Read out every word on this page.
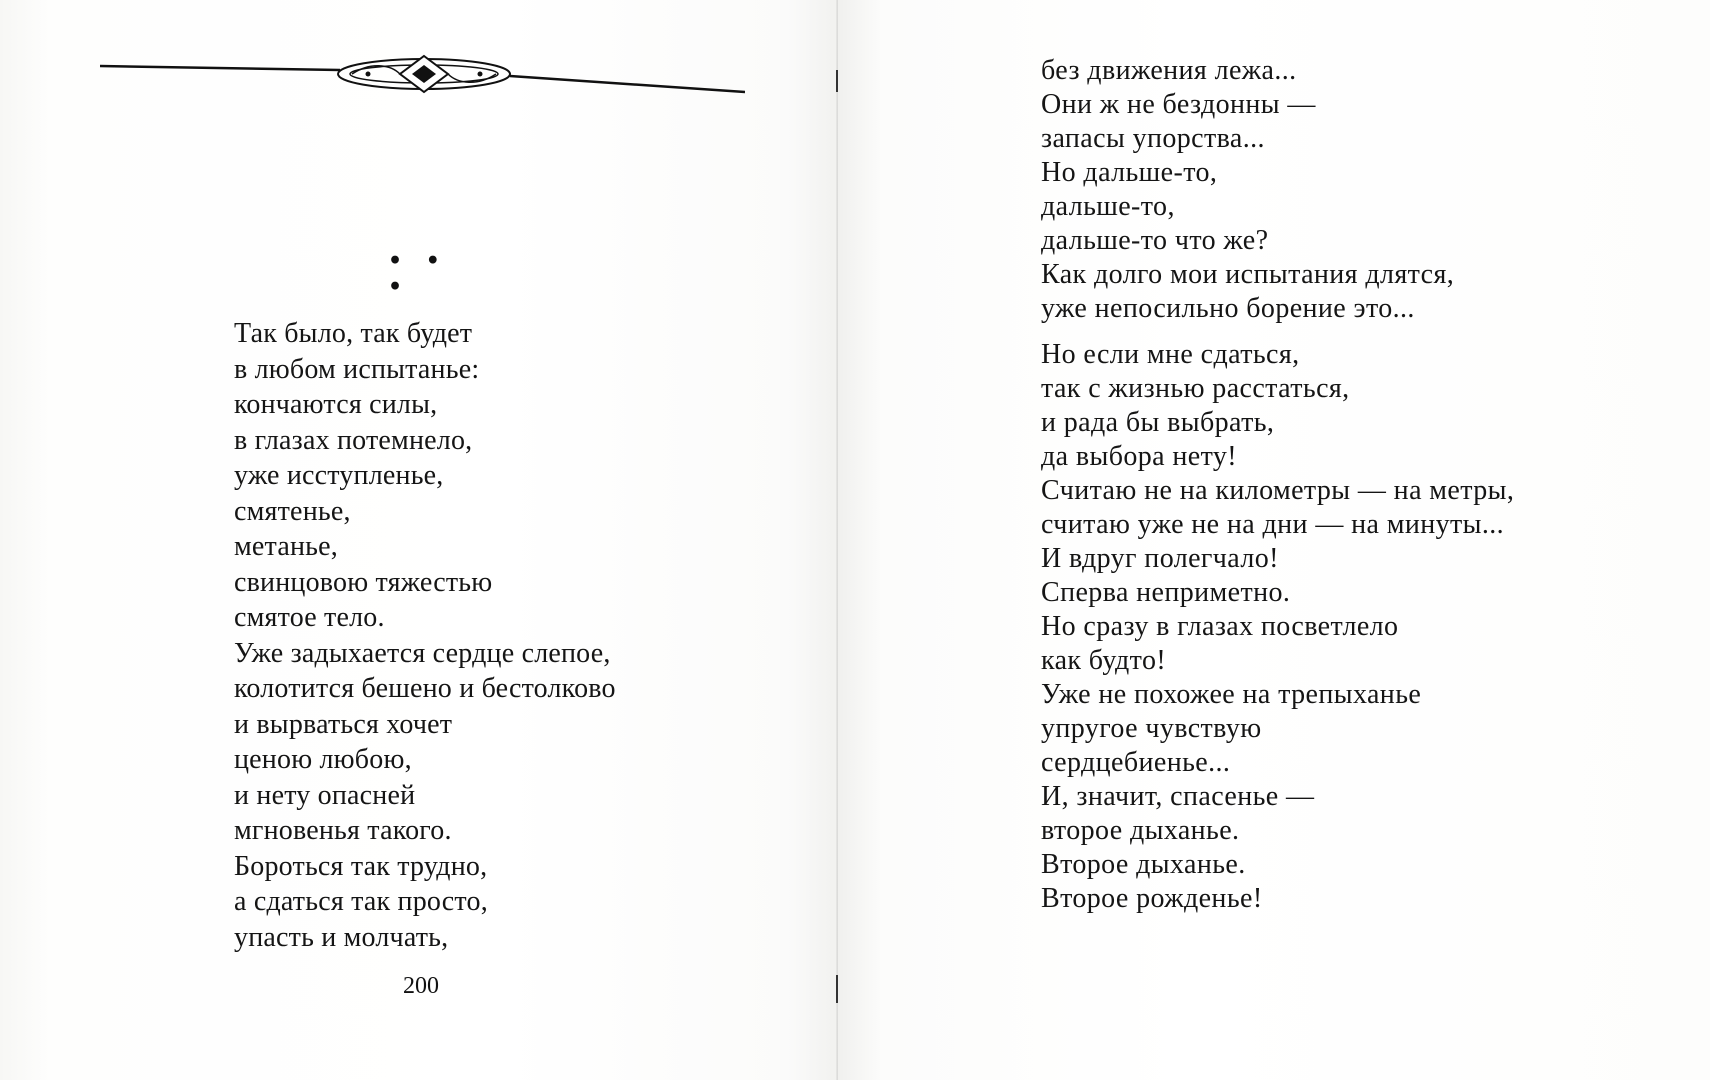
• • •
Так было, так будет
в любом испытанье:
кончаются силы,
в глазах потемнело,
уже исступленье,
смятенье,
метанье,
свинцовою тяжестью
смятое тело.
Уже задыхается сердце слепое,
колотится бешено и бестолково
и вырваться хочет
ценою любою,
и нету опасней
мгновенья такого.
Бороться так трудно,
а сдаться так просто,
упасть и молчать,
200
без движения лежа...
Они ж не бездонны —
запасы упорства...
Но дальше-то,
дальше-то,
дальше-то что же?
Как долго мои испытания длятся,
уже непосильно борение это...
Но если мне сдаться,
так с жизнью расстаться,
и рада бы выбрать,
да выбора нету!
Считаю не на километры — на метры,
считаю уже не на дни — на минуты...
И вдруг полегчало!
Сперва неприметно.
Но сразу в глазах посветлело
как будто!
Уже не похожее на трепыханье
упругое чувствую
сердцебиенье...
И, значит, спасенье —
второе дыханье.
Второе дыханье.
Второе рожденье!
